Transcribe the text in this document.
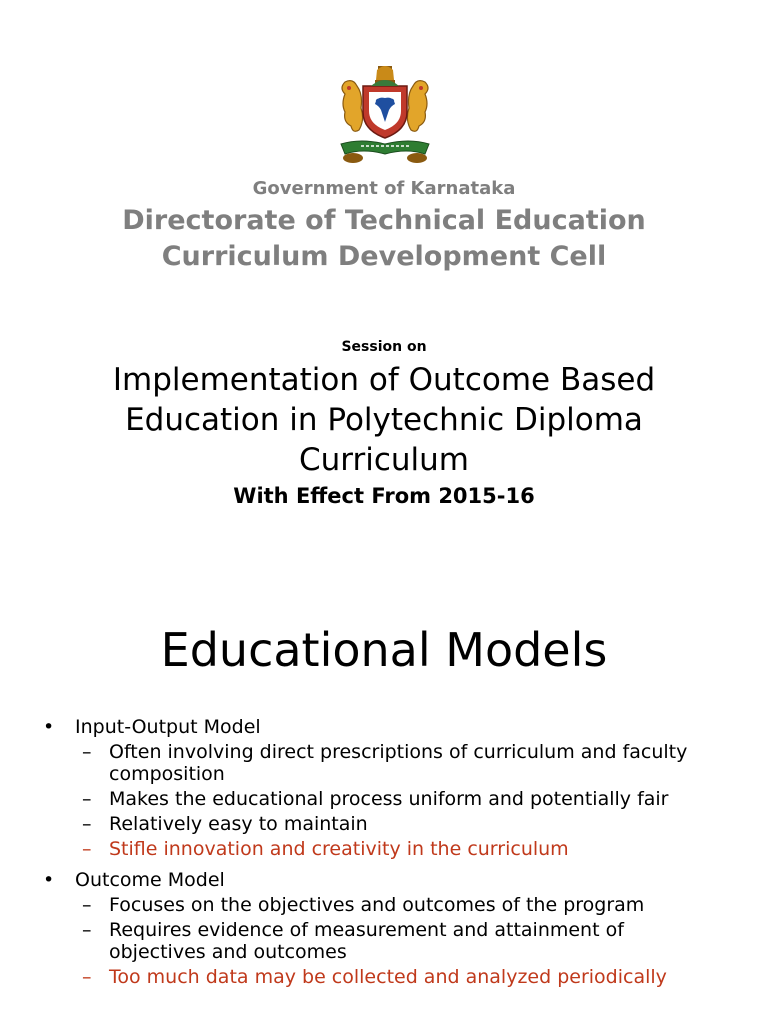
Government of Karnataka
Directorate of Technical Education
Curriculum Development Cell
Session on
Implementation of Outcome Based
Education in Polytechnic Diploma
Curriculum
With Effect From 2015-16
Educational Models
• Input-Output Model
– Often involving direct prescriptions of curriculum and faculty composition
– Makes the educational process uniform and potentially fair
– Relatively easy to maintain
– Stifle innovation and creativity in the curriculum
• Outcome Model
– Focuses on the objectives and outcomes of the program
– Requires evidence of measurement and attainment of objectives and outcomes
– Too much data may be collected and analyzed periodically
